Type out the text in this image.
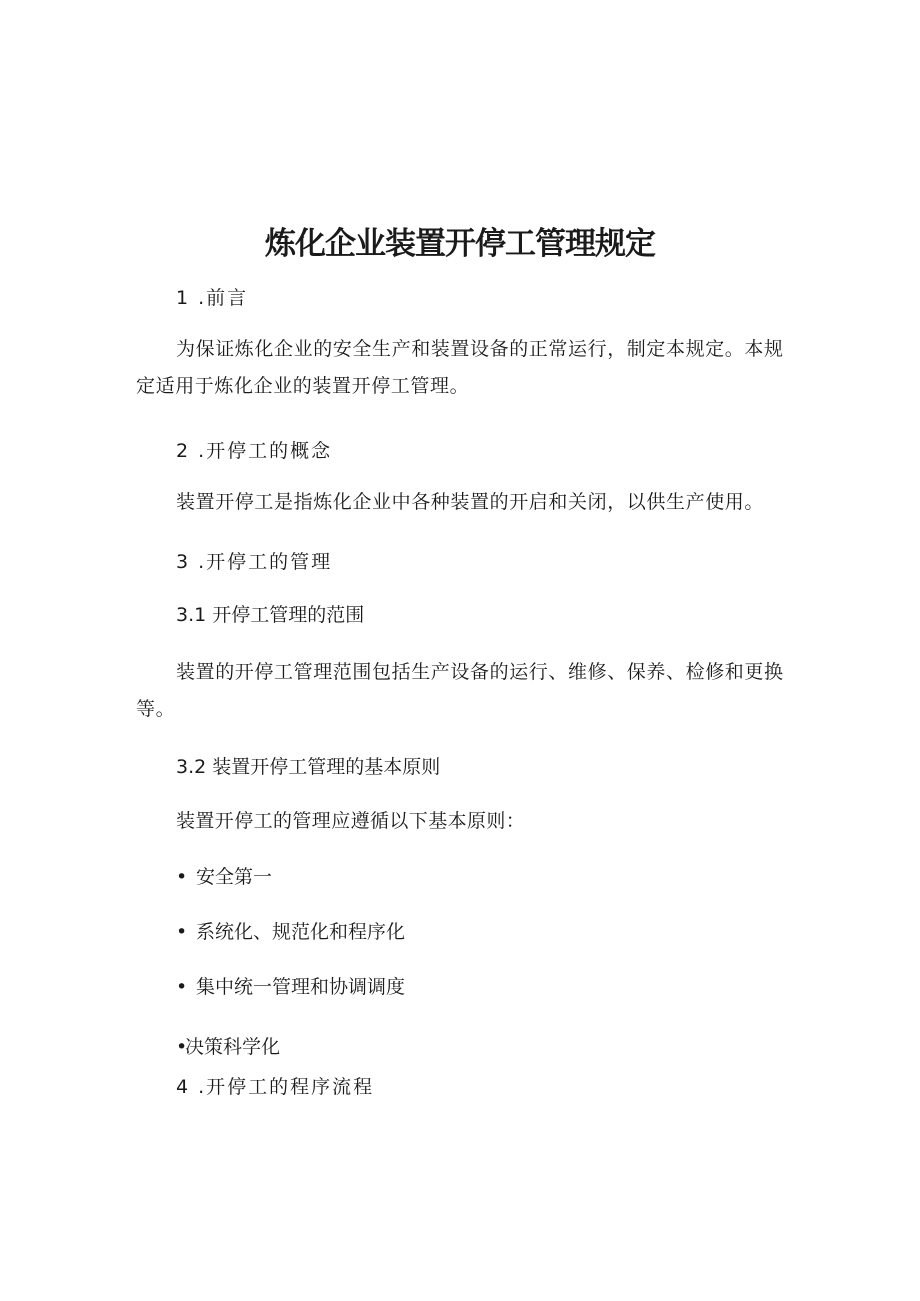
炼化企业装置开停工管理规定
1 .前言
为保证炼化企业的安全生产和装置设备的正常运行，制定本规定。本规定适用于炼化企业的装置开停工管理。
2 .开停工的概念
装置开停工是指炼化企业中各种装置的开启和关闭，以供生产使用。
3 .开停工的管理
3.1 开停工管理的范围
装置的开停工管理范围包括生产设备的运行、维修、保养、检修和更换等。
3.2 装置开停工管理的基本原则
装置开停工的管理应遵循以下基本原则：
• 安全第一
• 系统化、规范化和程序化
• 集中统一管理和协调调度
•决策科学化
4 .开停工的程序流程
